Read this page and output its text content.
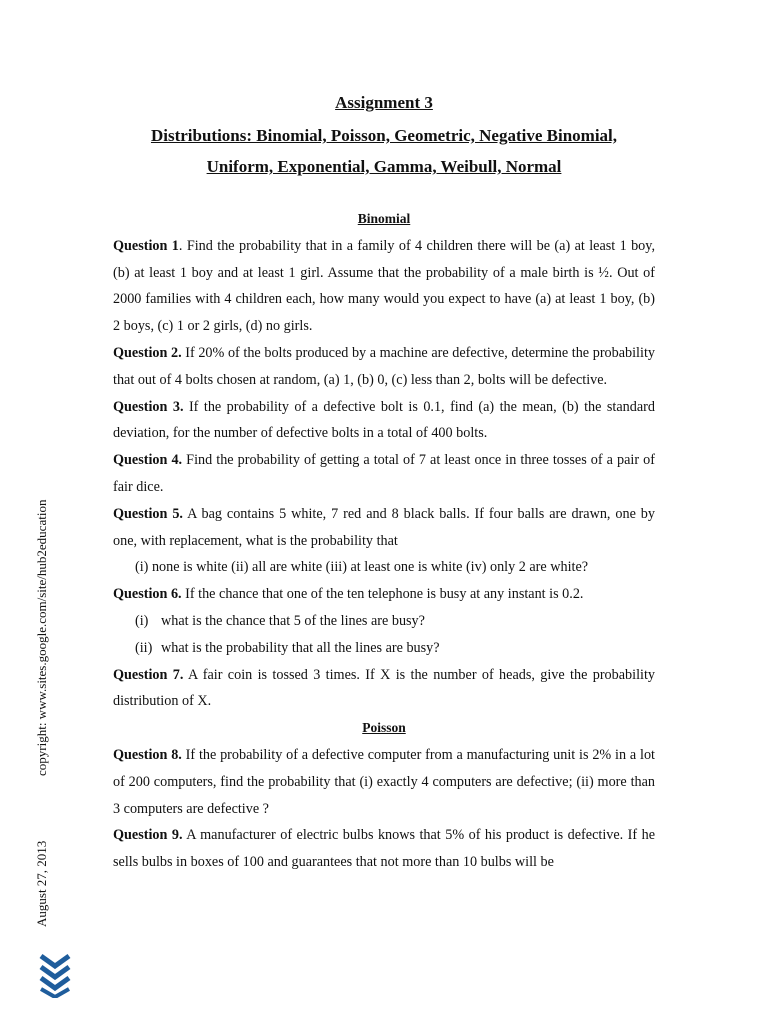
Assignment 3
Distributions: Binomial, Poisson, Geometric, Negative Binomial,
Uniform, Exponential, Gamma, Weibull, Normal
Binomial
Question 1. Find the probability that in a family of 4 children there will be (a) at least 1 boy, (b) at least 1 boy and at least 1 girl. Assume that the probability of a male birth is ½. Out of 2000 families with 4 children each, how many would you expect to have (a) at least 1 boy, (b) 2 boys, (c) 1 or 2 girls, (d) no girls.
Question 2. If 20% of the bolts produced by a machine are defective, determine the probability that out of 4 bolts chosen at random, (a) 1, (b) 0, (c) less than 2, bolts will be defective.
Question 3. If the probability of a defective bolt is 0.1, find (a) the mean, (b) the standard deviation, for the number of defective bolts in a total of 400 bolts.
Question 4. Find the probability of getting a total of 7 at least once in three tosses of a pair of fair dice.
Question 5. A bag contains 5 white, 7 red and 8 black balls. If four balls are drawn, one by one, with replacement, what is the probability that
(i) none is white (ii) all are white (iii) at least one is white (iv) only 2 are white?
Question 6. If the chance that one of the ten telephone is busy at any instant is 0.2.
(i) what is the chance that 5 of the lines are busy?
(ii) what is the probability that all the lines are busy?
Question 7. A fair coin is tossed 3 times. If X is the number of heads, give the probability distribution of X.
Poisson
Question 8. If the probability of a defective computer from a manufacturing unit is 2% in a lot of 200 computers, find the probability that (i) exactly 4 computers are defective; (ii) more than 3 computers are defective ?
Question 9. A manufacturer of electric bulbs knows that 5% of his product is defective. If he sells bulbs in boxes of 100 and guarantees that not more than 10 bulbs will be
copyright: www.sites.google.com/site/hub2education
August 27, 2013
